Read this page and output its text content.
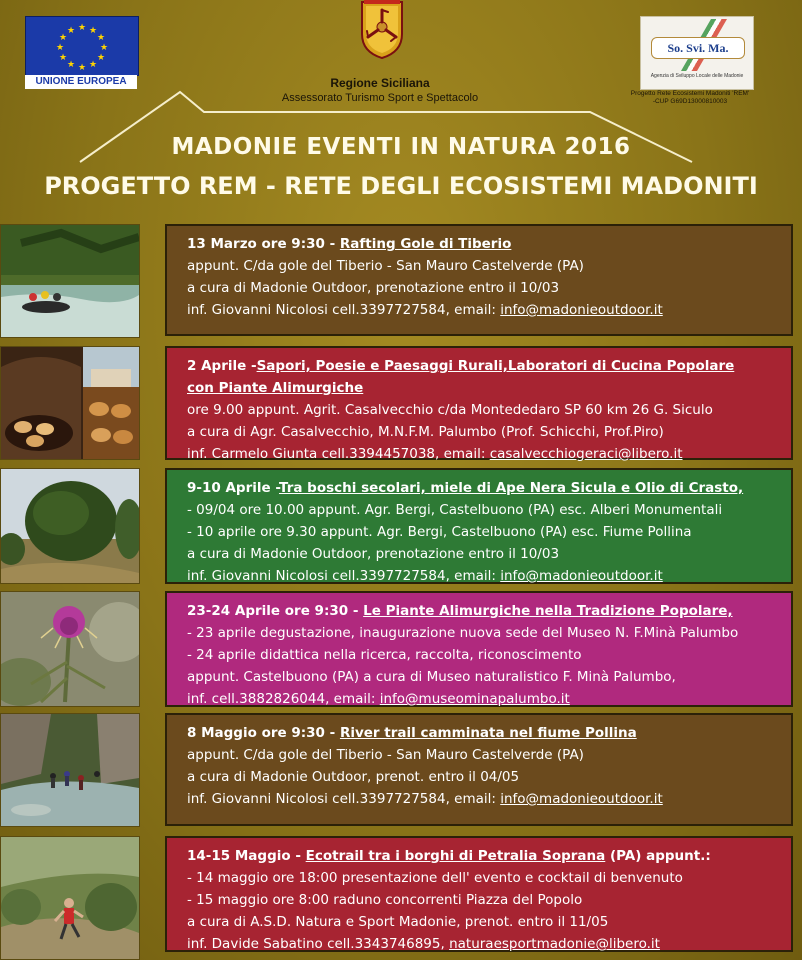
★ ★
★
★
★
★
★
★
★
★
★
★
UNIONE EUROPEA	Regione Siciliana
Assessorato Turismo Sport e Spettacolo
So. Svi. Ma.
Agenzia di Sviluppo Locale delle Madonie
Progetto Rete Ecosistemi Madoniti 'REM'
-CUP G69D13000810003
MADONIE EVENTI IN NATURA 2016
PROGETTO REM - RETE DEGLI ECOSISTEMI MADONITI
13 Marzo ore 9:30 - Rafting Gole di Tiberio
appunt. C/da gole del Tiberio - San Mauro Castelverde (PA)
a cura di Madonie Outdoor, prenotazione entro il 10/03
inf. Giovanni Nicolosi cell.3397727584, email: info@madonieoutdoor.it
2 Aprile -Sapori, Poesie e Paesaggi Rurali,Laboratori di Cucina Popolare
con Piante Alimurgiche
ore 9.00 appunt. Agrit. Casalvecchio c/da Montededaro SP 60 km 26 G. Siculo
a cura di Agr. Casalvecchio, M.N.F.M. Palumbo (Prof. Schicchi, Prof.Piro)
inf. Carmelo Giunta cell.3394457038, email: casalvecchiogeraci@libero.it
9-10 Aprile -Tra boschi secolari, miele di Ape Nera Sicula e Olio di Crasto,
- 09/04 ore 10.00 appunt. Agr. Bergi, Castelbuono (PA) esc. Alberi Monumentali
- 10 aprile ore 9.30 appunt. Agr. Bergi, Castelbuono (PA) esc. Fiume Pollina
a cura di Madonie Outdoor, prenotazione entro il 10/03
inf. Giovanni Nicolosi cell.3397727584, email: info@madonieoutdoor.it
23-24 Aprile ore 9:30 - Le Piante Alimurgiche nella Tradizione Popolare,
- 23 aprile degustazione, inaugurazione nuova sede del Museo N. F.Minà Palumbo
- 24 aprile didattica nella ricerca, raccolta, riconoscimento
appunt. Castelbuono (PA) a cura di Museo naturalistico F. Minà Palumbo,
inf. cell.3882826044, email: info@museominapalumbo.it
8 Maggio ore 9:30 - River trail camminata nel fiume Pollina
appunt. C/da gole del Tiberio - San Mauro Castelverde (PA)
a cura di Madonie Outdoor, prenot. entro il 04/05
inf. Giovanni Nicolosi cell.3397727584, email: info@madonieoutdoor.it
14-15 Maggio - Ecotrail tra i borghi di Petralia Soprana (PA) appunt.:
- 14 maggio ore 18:00 presentazione dell' evento e cocktail di benvenuto
- 15 maggio ore 8:00 raduno concorrenti Piazza del Popolo
a cura di A.S.D. Natura e Sport Madonie, prenot. entro il 11/05
inf. Davide Sabatino cell.3343746895, naturaesportmadonie@libero.it
